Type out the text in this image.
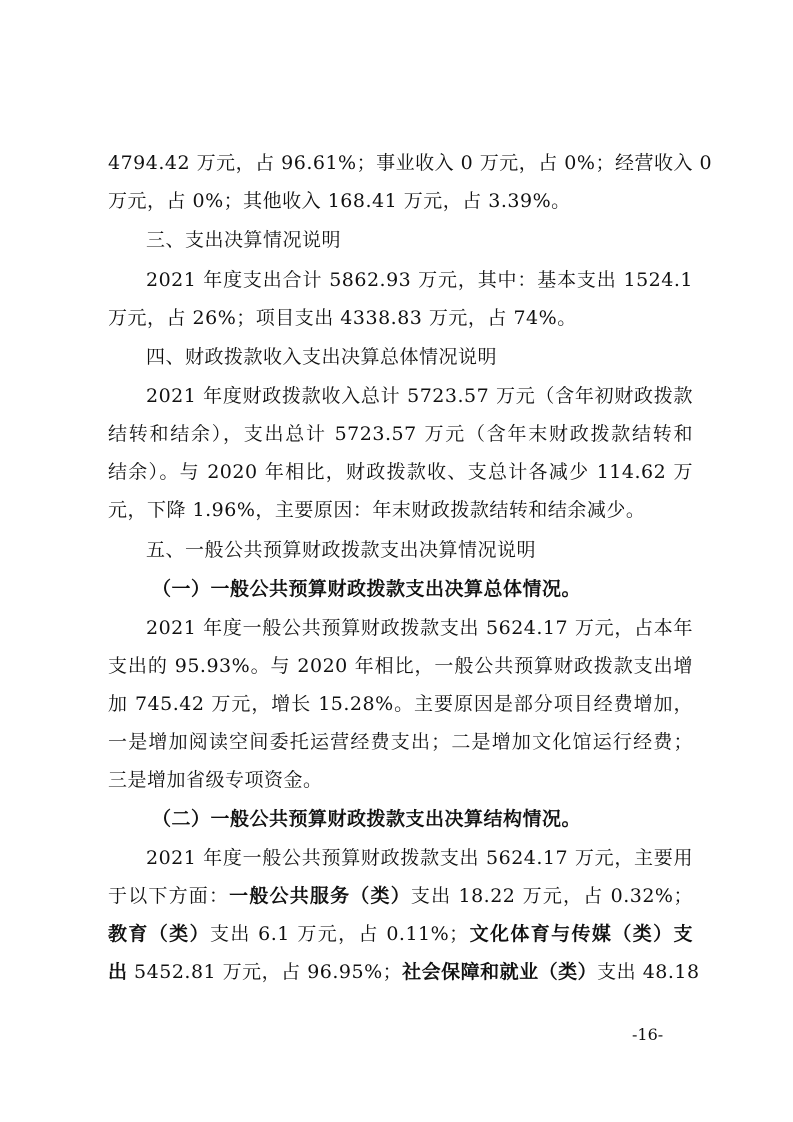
4794.42 万元，占 96.61%；事业收入 0 万元，占 0%；经营收入 0
万元，占 0%；其他收入 168.41 万元，占 3.39%。
三、支出决算情况说明
2021 年度支出合计 5862.93 万元，其中：基本支出 1524.1
万元，占 26%；项目支出 4338.83 万元，占 74%。
四、财政拨款收入支出决算总体情况说明
2021 年度财政拨款收入总计 5723.57 万元（含年初财政拨款
结转和结余），支出总计 5723.57 万元（含年末财政拨款结转和
结余）。与 2020 年相比，财政拨款收、支总计各减少 114.62 万
元，下降 1.96%，主要原因：年末财政拨款结转和结余减少。
五、一般公共预算财政拨款支出决算情况说明
（一）一般公共预算财政拨款支出决算总体情况。
2021 年度一般公共预算财政拨款支出 5624.17 万元，占本年
支出的 95.93%。与 2020 年相比，一般公共预算财政拨款支出增
加 745.42 万元，增长 15.28%。主要原因是部分项目经费增加，
一是增加阅读空间委托运营经费支出；二是增加文化馆运行经费；
三是增加省级专项资金。
（二）一般公共预算财政拨款支出决算结构情况。
2021 年度一般公共预算财政拨款支出 5624.17 万元，主要用
于以下方面：一般公共服务（类）支出 18.22 万元，占 0.32%；
教育（类）支出 6.1 万元，占 0.11%；文化体育与传媒（类）支
出 5452.81 万元，占 96.95%；社会保障和就业（类）支出 48.18
-16-
